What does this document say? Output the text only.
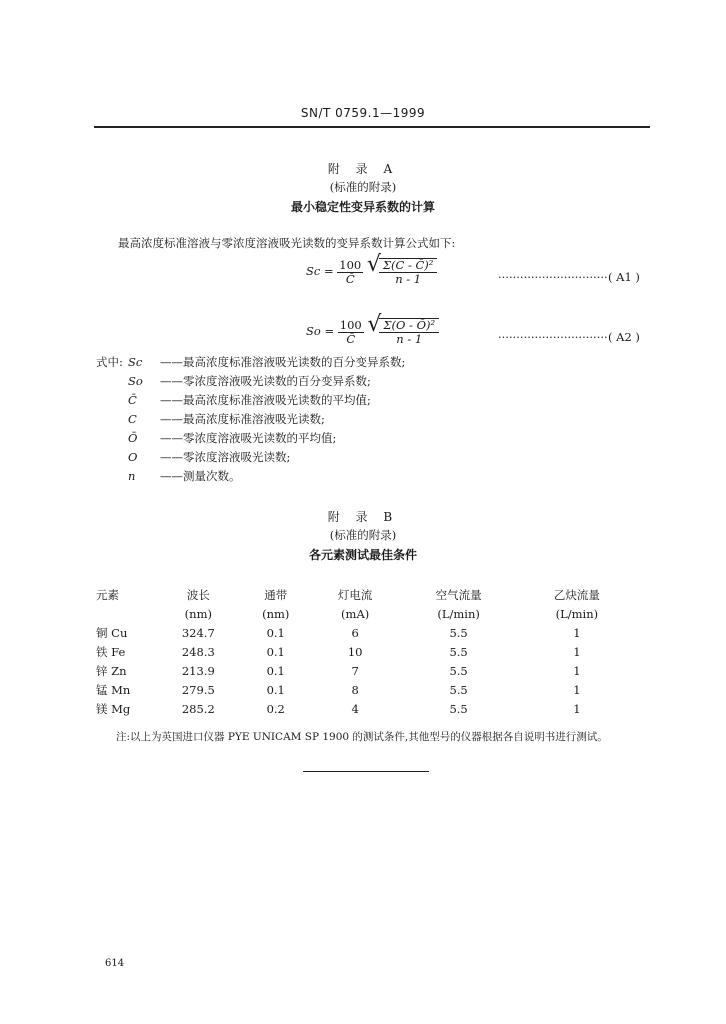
SN/T 0759.1—1999
附 录 A
(标准的附录)
最小稳定性变异系数的计算
最高浓度标准溶液与零浓度溶液吸光读数的变异系数计算公式如下:
$Sc = \frac{100}{C̄}$
√
$\frac{\text{Σ(C - C̄)²}}{n - 1}$	······························ ( A1 )
$So = \frac{100}{C̄}$
√
$\frac{\text{Σ(O - Ō)²}}{n - 1}$	······························ ( A2 )
式中: Sc ——最高浓度标准溶液吸光读数的百分变异系数;
So ——零浓度溶液吸光读数的百分变异系数;
C̄ ——最高浓度标准溶液吸光读数的平均值;
C ——最高浓度标准溶液吸光读数;
Ō ——零浓度溶液吸光读数的平均值;
O ——零浓度溶液吸光读数;
n ——测量次数。
附 录 B
(标准的附录)
各元素测试最佳条件
元素	波长	通带	灯电流	空气流量	乙炔流量
	(nm)	(nm)	(mA)	(L/min)	(L/min)
铜 Cu	324.7	0.1	6	5.5	1
铁 Fe	248.3	0.1	10	5.5	1
锌 Zn	213.9	0.1	7	5.5	1
锰 Mn	279.5	0.1	8	5.5	1
镁 Mg	285.2	0.2	4	5.5	1
注:以上为英国进口仪器 PYE UNICAM SP 1900 的测试条件,其他型号的仪器根据各自说明书进行测试。
614
